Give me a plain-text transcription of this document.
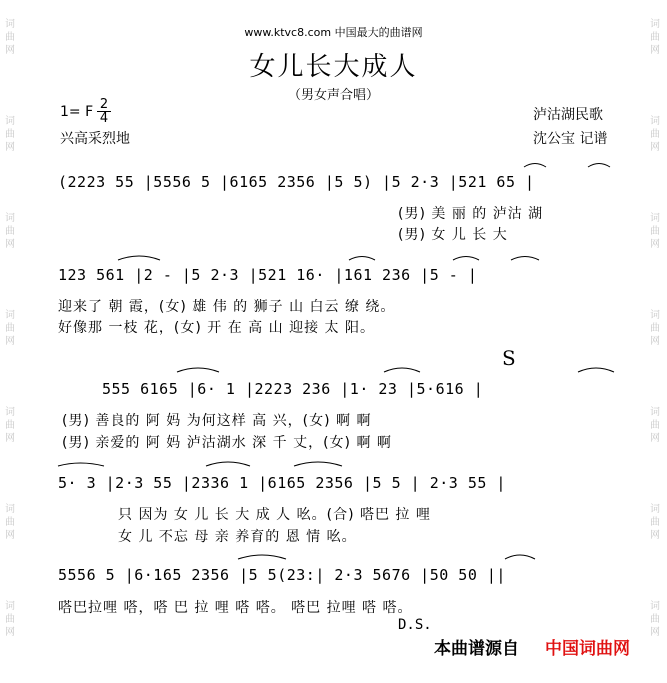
词
曲
网
词
曲
网
词
曲
网
词
曲
网
词
曲
网
词
曲
网
词
曲
网
词
曲
网
词
曲
网
词
曲
网
词
曲
网
词
曲
网
词
曲
网
词
曲
网
www.ktvc8.com 中国最大的曲谱网
女儿长大成人
（男女声合唱）
1= F 2
4
兴高采烈地
泸沽湖民歌
沈公宝 记谱
(2223 55 |5556 5 |6165 2356 |5 5) |5 2·3 |521 65 |
(男) 美 丽 的 泸沽 湖
(男) 女 儿 长 大
123 561 |2 - |5 2·3 |521 16· |161 236 |5 - |
迎来了 朝 霞，(女) 雄 伟 的 狮子 山 白云 缭 绕。
好像那 一枝 花，(女) 开 在 高 山 迎接 太 阳。
S
555 6165 |6· 1 |2223 236 |1· 23 |5·616 |
(男) 善良的 阿 妈 为何这样 高 兴，(女) 啊 啊
(男) 亲爱的 阿 妈 泸沽湖水 深 千 丈，(女) 啊 啊
5· 3 |2·3 55 |2336 1 |6165 2356 |5 5 | 2·3 55 |
只 因为 女 儿 长 大 成 人 吆。(合) 嗒巴 拉 哩
女 儿 不忘 母 亲 养育的 恩 情 吆。
5556 5 |6·165 2356 |5 5(23:| 2·3 5676 |50 50 ||
嗒巴拉哩 嗒，嗒 巴 拉 哩 嗒 嗒。 嗒巴 拉哩 嗒 嗒。
D.S.
本曲谱源自 中国词曲网
